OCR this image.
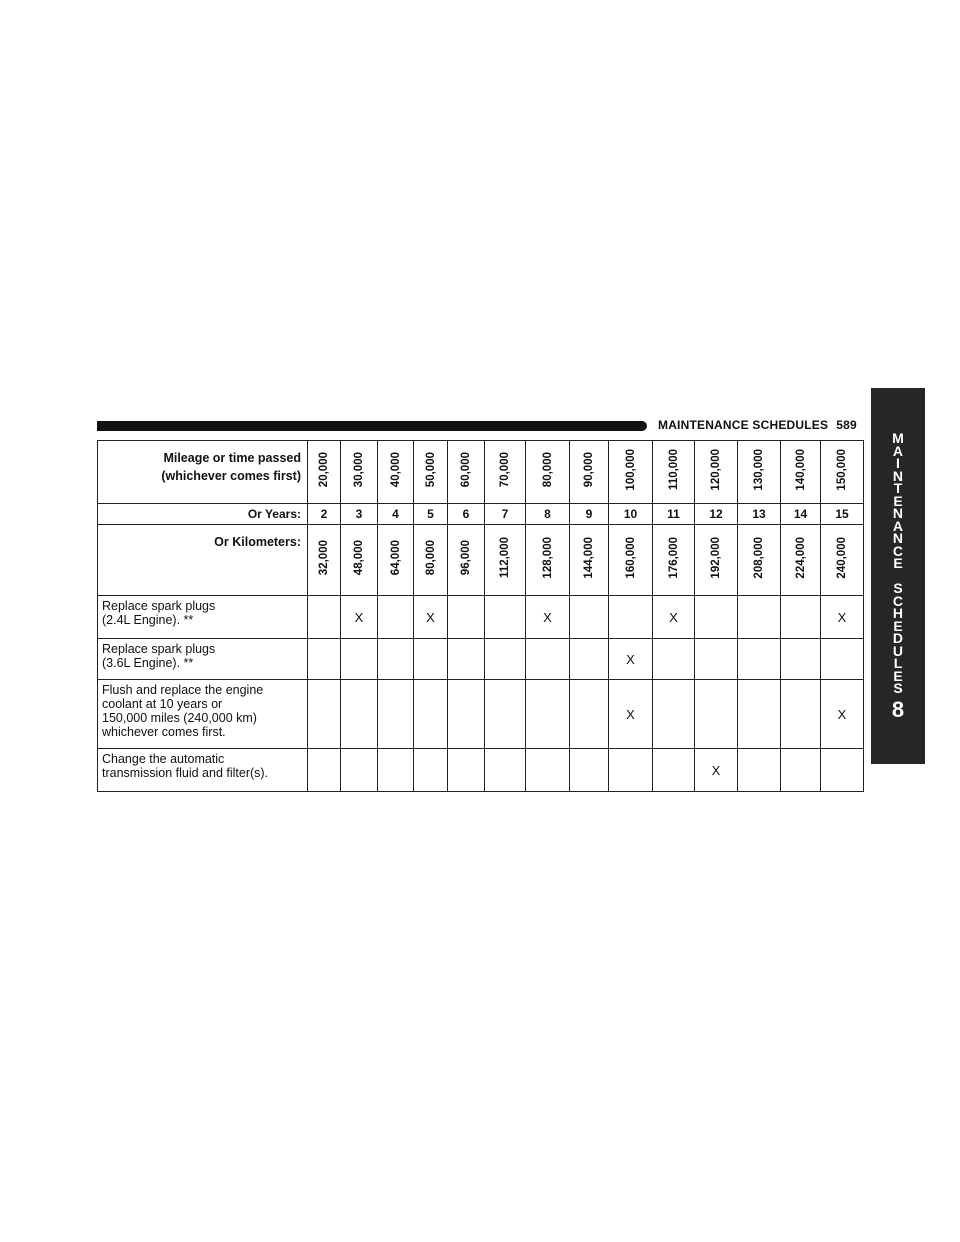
MAINTENANCE SCHEDULES 589
M
A
I
N
T
E
N
A
N
C
E
S
C
H
E
D
U
L
E
S
8
Mileage or time passed
(whichever comes first)	20,000	30,000	40,000	50,000	60,000	70,000	80,000	90,000	100,000	110,000	120,000	130,000	140,000	150,000
Or Years:	2	3	4	5	6	7	8	9	10	11	12	13	14	15
Or Kilometers:	32,000	48,000	64,000	80,000	96,000	112,000	128,000	144,000	160,000	176,000	192,000	208,000	224,000	240,000

Replace spark plugs
(2.4L Engine). **		X		X			X			X				X

Replace spark plugs
(3.6L Engine). **									X					

Flush and replace the engine
coolant at 10 years or
150,000 miles (240,000 km)
whichever comes first.									X					X

Change the automatic
transmission fluid and filter(s).											X			
